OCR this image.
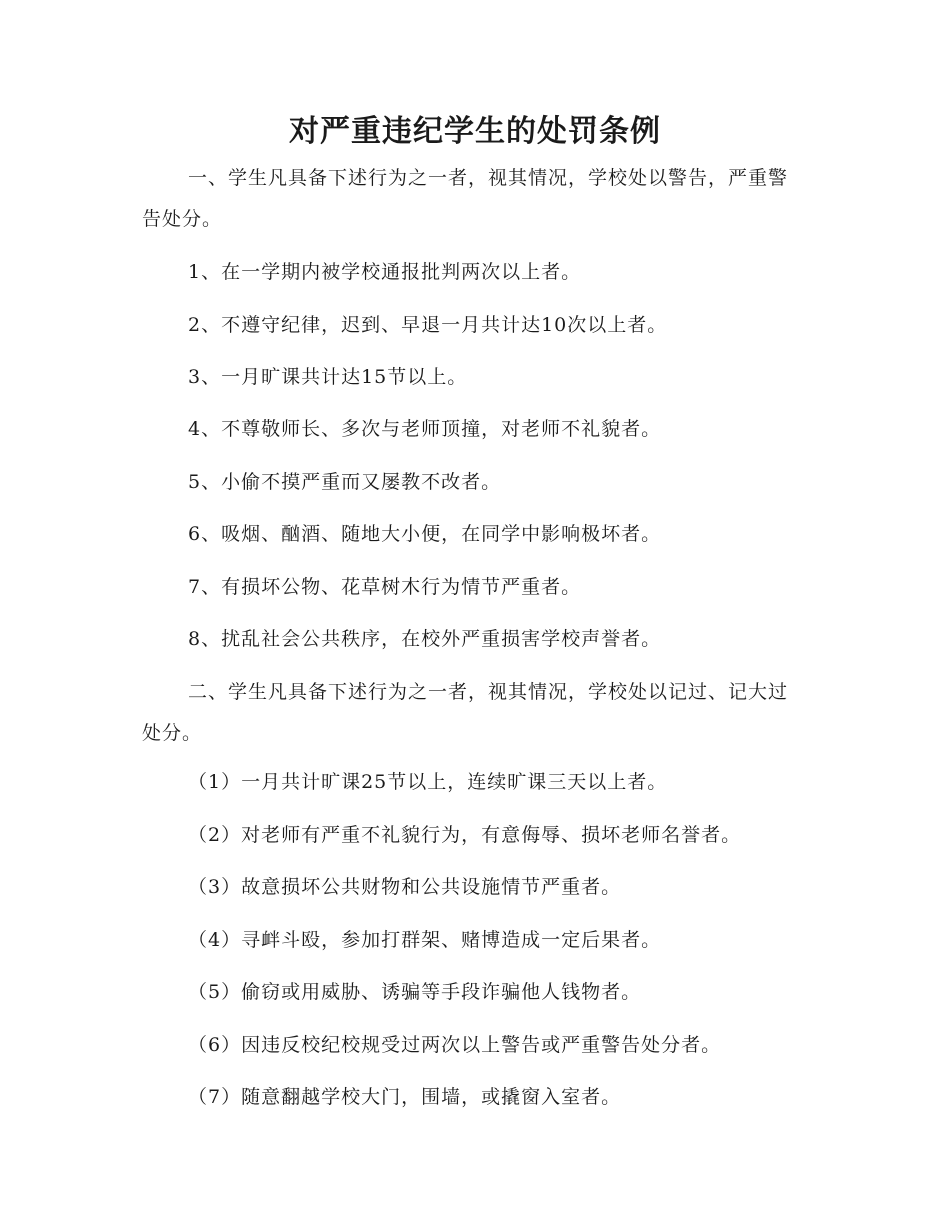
对严重违纪学生的处罚条例

一、学生凡具备下述行为之一者，视其情况，学校处以警告，严重警告处分。

1、在一学期内被学校通报批判两次以上者。

2、不遵守纪律，迟到、早退一月共计达10次以上者。

3、一月旷课共计达15节以上。

4、不尊敬师长、多次与老师顶撞，对老师不礼貌者。

5、小偷不摸严重而又屡教不改者。

6、吸烟、酗酒、随地大小便，在同学中影响极坏者。

7、有损坏公物、花草树木行为情节严重者。

8、扰乱社会公共秩序，在校外严重损害学校声誉者。

二、学生凡具备下述行为之一者，视其情况，学校处以记过、记大过处分。

（1）一月共计旷课25节以上，连续旷课三天以上者。

（2）对老师有严重不礼貌行为，有意侮辱、损坏老师名誉者。

（3）故意损坏公共财物和公共设施情节严重者。

（4）寻衅斗殴，参加打群架、赌博造成一定后果者。

（5）偷窃或用威胁、诱骗等手段诈骗他人钱物者。

（6）因违反校纪校规受过两次以上警告或严重警告处分者。

（7）随意翻越学校大门，围墙，或撬窗入室者。
